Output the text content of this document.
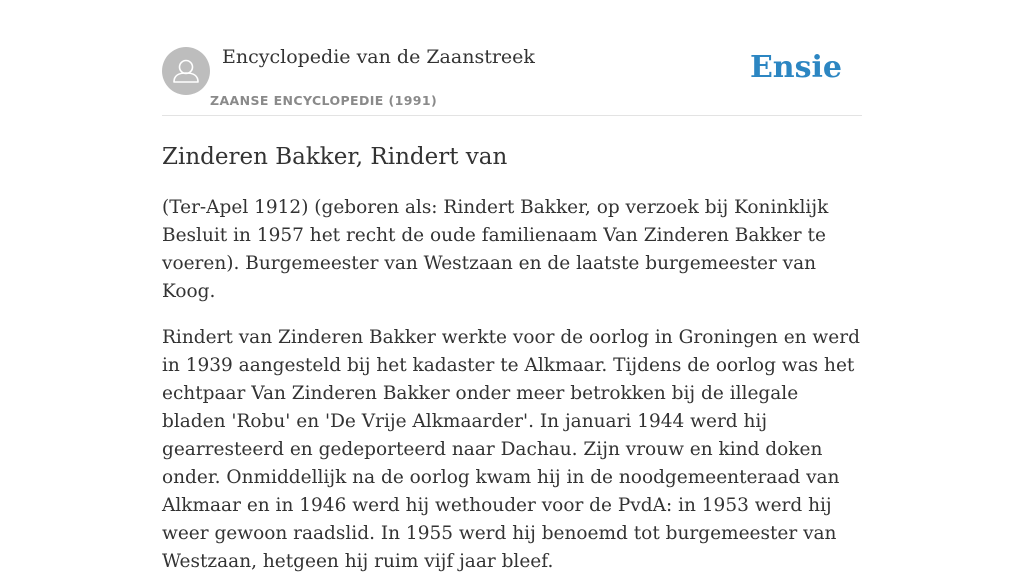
Encyclopedie van de Zaanstreek
ZAANSE ENCYCLOPEDIE (1991)
Ensie
Zinderen Bakker, Rindert van

(Ter-Apel 1912) (geboren als: Rindert Bakker, op verzoek bij Koninklijk Besluit in 1957 het recht de oude familienaam Van Zinderen Bakker te voeren). Burgemeester van Westzaan en de laatste burgemeester van Koog.

Rindert van Zinderen Bakker werkte voor de oorlog in Groningen en werd in 1939 aangesteld bij het kadaster te Alkmaar. Tijdens de oorlog was het echtpaar Van Zinderen Bakker onder meer betrokken bij de illegale bladen 'Robu' en 'De Vrije Alkmaarder'. In januari 1944 werd hij gearresteerd en gedeporteerd naar Dachau. Zijn vrouw en kind doken onder. Onmiddellijk na de oorlog kwam hij in de noodgemeenteraad van Alkmaar en in 1946 werd hij wethouder voor de PvdA: in 1953 werd hij weer gewoon raadslid. In 1955 werd hij benoemd tot burgemeester van Westzaan, hetgeen hij ruim vijf jaar bleef.
